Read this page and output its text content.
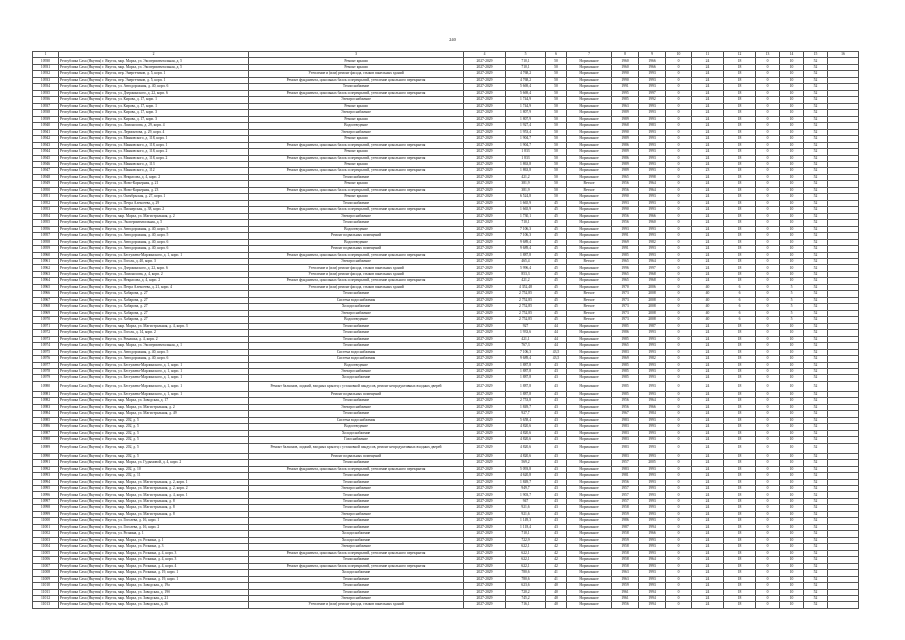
240
1	2	3	4	5	6	7	8	9	10	11	12	13	14	15	16
10930	Республика Саха (Якутия) г. Якутск, мкр. Марха, ул. Экспериментальная, д. 5	Ремонт крыши	2027-2029	710,1	50	Нормальное	1960	1966	0	24	18	0	10	52	
10931	Республика Саха (Якутия) г. Якутск, мкр. Марха, ул. Экспериментальная, д. 5	Ремонт крыши	2027-2029	710,1	50	Нормальное	1960	1966	0	24	18	0	10	52	
10932	Республика Саха (Якутия) г. Якутск, пер. Энергетиков, д. 5, корп. 1	Утепление и (или) ремонт фасада, стыков панельных зданий	2027-2029	4 768,2	50	Нормальное	1990	1993	0	24	18	0	10	52	
10933	Республика Саха (Якутия) г. Якутск, пер. Энергетиков, д. 5, корп. 1	Ремонт фундамента, цокольных балок и перекрытий, утепление цокольного перекрытия	2027-2029	4 768,2	50	Нормальное	1990	1993	0	24	18	0	10	52	
10934	Республика Саха (Якутия) г. Якутск, ул. Автодорожная, д. 40, корп. 6	Теплоснабжение	2027-2029	5 669,4	50	Нормальное	1991	1993	0	24	18	0	10	52	
10935	Республика Саха (Якутия) г. Якутск, ул. Дзержинского, д. 22, корп. 6	Ремонт фундамента, цокольных балок и перекрытий, утепление цокольного перекрытия	2027-2029	5 669,4	50	Нормальное	1995	1997	0	24	18	0	10	52	
10936	Республика Саха (Якутия) г. Якутск, ул. Кирова, д. 17, корп. 1	Электроснабжение	2027-2029	1 744,9	50	Нормальное	1985	1992	0	24	18	0	10	52	
10937	Республика Саха (Якутия) г. Якутск, ул. Кирова, д. 17, корп. 1	Ремонт крыши	2027-2029	1 744,9	50	Нормальное	1963	1993	0	24	18	0	10	52	
10938	Республика Саха (Якутия) г. Якутск, ул. Кирова, д. 17, корп. 3	Электроснабжение	2027-2029	1 807,9	50	Нормальное	1989	1993	0	24	18	0	10	52	
10939	Республика Саха (Якутия) г. Якутск, ул. Кирова, д. 17, корп. 3	Ремонт крыши	2027-2029	1 807,9	50	Нормальное	1989	1993	0	24	18	0	10	52	
10940	Республика Саха (Якутия) г. Якутск, ул. Ломоносова, д. 29, корп. 4	Водоотведение	2027-2029	1 927,4	50	Нормальное	1968	1983	0	24	18	0	10	52	
10941	Республика Саха (Якутия) г. Якутск, ул. Лермонтова, д. 29, корп. 4	Электроснабжение	2027-2029	1 953,4	50	Нормальное	1990	1993	0	24	18	0	10	52	
10942	Республика Саха (Якутия) г. Якутск, ул. Маяковского, д. 118, корп. 1	Ремонт крыши	2027-2029	1 904,7	50	Нормальное	1989	1993	0	24	18	0	10	52	
10943	Республика Саха (Якутия) г. Якутск, ул. Маяковского, д. 118, корп. 1	Ремонт фундамента, цокольных балок и перекрытий, утепление цокольного перекрытия	2027-2029	1 904,7	50	Нормальное	1986	1993	0	24	18	0	10	52	
10944	Республика Саха (Якутия) г. Якутск, ул. Маяковского, д. 118, корп. 2	Ремонт крыши	2027-2029	1 833	50	Нормальное	1989	1993	0	24	18	0	10	52	
10945	Республика Саха (Якутия) г. Якутск, ул. Маяковского, д. 118, корп. 2	Ремонт фундамента, цокольных балок и перекрытий, утепление цокольного перекрытия	2027-2029	1 833	50	Нормальное	1986	1993	0	24	18	0	10	52	
10946	Республика Саха (Якутия) г. Якутск, ул. Маяковского, д. 113	Ремонт крыши	2027-2029	1 863,8	50	Нормальное	1989	1993	0	24	18	0	10	52	
10947	Республика Саха (Якутия) г. Якутск, ул. Маяковского, д. 112	Ремонт фундамента, цокольных балок и перекрытий, утепление цокольного перекрытия	2027-2029	1 863,8	50	Нормальное	1989	1993	0	23	18	0	10	52	
10948	Республика Саха (Якутия) г. Якутск, ул. Некрасова, д. 4, корп. 2	Теплоснабжение	2027-2029	421,2	50	Нормальное	1965	1998	0	24	18	0	10	52	
10949	Республика Саха (Якутия) г. Якутск, ул. Ново-Карьерная, д. 21	Ремонт крыши	2027-2029	381,9	50	Ветхое	1956	1964	0	24	18	0	10	52	
10950	Республика Саха (Якутия) г. Якутск, ул. Ново-Карьерная, д. 23	Ремонт фундамента, цокольных балок и перекрытий, утепление цокольного перекрытия	2027-2029	381,9	50	Ветхое	1956	1964	0	24	18	0	10	52	
10951	Республика Саха (Якутия) г. Якутск, ул. Октябрьская, д. 27, корп. 1	Ремонт крыши	2027-2029	6 524,8	50	Нормальное	1990	1993	0	24	18	0	10	52	
10952	Республика Саха (Якутия) г. Якутск, ул. Петра Алексеева, д. 29	Теплоснабжение	2027-2029	1 665,9	45	Нормальное	1993	1993	0	24	18	0	10	52	
10953	Республика Саха (Якутия) г. Якутск, ул. Пионерская, д. 38, корп. 2	Ремонт фундамента, цокольных балок и перекрытий, утепление цокольного перекрытия	2027-2029	1 665,9	45	Нормальное	1990	1993	0	24	18	0	10	52	
10954	Республика Саха (Якутия) г. Якутск, мкр. Марха, ул. Магистральная, д. 2	Электроснабжение	2027-2029	1 730,1	45	Нормальное	1956	1966	0	24	18	0	10	52	
10955	Республика Саха (Якутия) г. Якутск, ул. Экспериментальная, д. 5	Теплоснабжение	2027-2029	710,1	45	Нормальное	1956	1960	0	24	18	0	10	52	
10956	Республика Саха (Якутия) г. Якутск, ул. Автодорожная, д. 40, корп. 5	Водоотведение	2027-2029	7 106,3	45	Нормальное	1993	1993	0	24	18	0	10	52	
10957	Республика Саха (Якутия) г. Якутск, ул. Автодорожная, д. 40, корп. 5	Ремонт подвальных помещений	2027-2029	7 106,3	45	Нормальное	1991	1993	0	24	18	0	10	52	
10958	Республика Саха (Якутия) г. Якутск, ул. Автодорожная, д. 40, корп. 6	Водоотведение	2027-2029	9 689,4	45	Нормальное	1969	1982	0	24	18	0	10	52	
10959	Республика Саха (Якутия) г. Якутск, ул. Автодорожная, д. 40, корп. 6	Ремонт подвальных помещений	2027-2029	9 689,4	45	Нормальное	1991	1993	0	24	18	0	10	52	
10960	Республика Саха (Якутия) г. Якутск, ул. Бестужева-Марлинского, д. 1, корп. 1	Ремонт фундамента, цокольных балок и перекрытий, утепление цокольного перекрытия	2027-2029	1 887,8	45	Нормальное	1985	1993	0	24	18	0	10	52	
10961	Республика Саха (Якутия) г. Якутск, ул. Гоголя, д. 40, корп. 3	Электроснабжение	2027-2029	465,4	45	Ветхое	1965	1964	0	24	18	0	10	52	
10962	Республика Саха (Якутия) г. Якутск, ул. Дзержинского, д. 22, корп. 6	Утепление и (или) ремонт фасада, стыков панельных зданий	2027-2029	5 996,4	45	Нормальное	1996	1997	0	24	18	0	10	52	
10963	Республика Саха (Якутия) г. Якутск, ул. Ломоносова, д. 4, корп. 2	Утепление и (или) ремонт фасада, стыков панельных зданий	2027-2029	853,3	45	Нормальное	1965	1968	0	24	18	0	10	52	
10964	Республика Саха (Якутия) г. Якутск, ул. Некрасова, д. 4, корп. 2	Ремонт фундамента, цокольных балок и перекрытий, утепление цокольного перекрытия	2027-2029	421,2	45	Нормальное	1965	1968	0	24	18	0	10	52	
10965	Республика Саха (Якутия) г. Якутск, ул. Петра Алексеева, д. 21, корп. 4	Утепление и (или) ремонт фасада, стыков панельных зданий	2027-2029	4 352,48	45	Нормальное	1970	2006	0	40	6	0	5	52	
10966	Республика Саха (Якутия) г. Якутск, ул. Хабарова, д. 27	Теплоснабжение	2027-2029	2 752,85	45	Ветхое	1973	2008	0	40	6	0	5	52	
10967	Республика Саха (Якутия) г. Якутск, ул. Хабарова, д. 27	Система водоснабжения	2027-2029	2 752,85	45	Ветхое	1973	2008	0	40	6	0	5	52	
10968	Республика Саха (Якутия) г. Якутск, ул. Хабарова, д. 27	Холодоснабжение	2027-2029	2 752,85	45	Ветхое	1973	2008	0	40	6	0	5	52	
10969	Республика Саха (Якутия) г. Якутск, ул. Хабарова, д. 27	Электроснабжение	2027-2029	2 752,85	45	Ветхое	1973	2008	0	40	6	0	5	52	
10970	Республика Саха (Якутия) г. Якутск, ул. Хабарова, д. 27	Водоотведение	2027-2029	2 752,85	45	Ветхое	1973	2008	0	40	6	0	5	52	
10971	Республика Саха (Якутия) г. Якутск, мкр. Марха, ул. Магистральная, д. 4, корп. 3	Теплоснабжение	2027-2029	927	44	Нормальное	1985	1987	0	24	18	0	10	52	
10972	Республика Саха (Якутия) г. Якутск, ул. Гоголя, д. 14, корп. 2	Теплоснабжение	2027-2029	1 933,6	44	Нормальное	1986	1993	0	24	18	0	10	52	
10973	Республика Саха (Якутия) г. Якутск, ул. Ромашка, д. 4, корп. 2	Теплоснабжение	2027-2029	421,1	44	Нормальное	1985	1993	0	24	18	0	10	52	
10974	Республика Саха (Якутия) г. Якутск, мкр. Марха, ул. Экспериментальная, д. 1	Теплоснабжение	2027-2029	767,3	44	Нормальное	1965	1993	0	24	18	0	10	52	
10975	Республика Саха (Якутия) г. Якутск, ул. Автодорожная, д. 40, корп. 5	Система водоснабжения	2027-2029	7 106,3	43,5	Нормальное	1983	1993	0	24	18	0	10	52	
10976	Республика Саха (Якутия) г. Якутск, ул. Автодорожная, д. 40, корп. 6	Система водоснабжения	2027-2029	9 689,4	43,5	Нормальное	1969	1982	0	24	18	0	10	52	
10977	Республика Саха (Якутия) г. Якутск, ул. Бестужева-Марлинского, д. 1, корп. 1	Водоотведение	2027-2029	1 887,8	43	Нормальное	1985	1993	0	24	18	0	10	52	
10978	Республика Саха (Якутия) г. Якутск, ул. Бестужева-Марлинского, д. 1, корп. 1	Электроснабжение	2027-2029	1 887,8	43	Нормальное	1985	1993	0	24	18	0	10	52	
10979	Республика Саха (Якутия) г. Якутск, ул. Бестужева-Марлинского, д. 1, корп. 1	Холодоснабжение	2027-2029	1 887,8	43	Нормальное	1985	1993	0	24	18	0	10	52	
10980	Республика Саха (Якутия) г. Якутск, ул. Бестужева-Марлинского, д. 1, корп. 1	Ремонт балконов, лоджий, входных крылец с установкой пандусов, ремонт непродуктивных входных дверей	2027-2029	1 887,8	43	Нормальное	1985	1993	0	24	18	0	10	52	
10981	Республика Саха (Якутия) г. Якутск, ул. Бестужева-Марлинского, д. 1, корп. 1	Ремонт подвальных помещений	2027-2029	1 887,8	43	Нормальное	1985	1993	0	24	18	0	10	52	
10982	Республика Саха (Якутия) г. Якутск, мкр. Марха, ул. Заводская, д. 17	Теплоснабжение	2027-2029	2 753,8	43	Нормальное	1956	1964	0	24	18	0	10	52	
10983	Республика Саха (Якутия) г. Якутск, мкр. Марха, ул. Магистральная, д. 2	Электроснабжение	2027-2029	1 849,7	43	Нормальное	1956	1966	0	24	18	0	10	52	
10984	Республика Саха (Якутия) г. Якутск, мкр. Марха, ул. Магистральная, д. 49	Теплоснабжение	2027-2029	927,7	43	Нормальное	1967	1984	0	24	18	0	10	52	
10985	Республика Саха (Якутия) г. Якутск, мкр. 202, д. 5	Система водоснабжения	2027-2029	5 658,4	43	Нормальное	1983	1993	0	24	18	0	10	52	
10986	Республика Саха (Якутия) г. Якутск, мкр. 202, д. 5	Водоотведение	2027-2029	4 820,6	43	Нормальное	1983	1993	0	24	18	0	10	52	
10987	Республика Саха (Якутия) г. Якутск, мкр. 202, д. 5	Холодоснабжение	2027-2029	4 820,6	43	Нормальное	1983	1993	0	24	18	0	10	52	
10988	Республика Саха (Якутия) г. Якутск, мкр. 202, д. 5	Газоснабжение	2027-2029	4 820,6	43	Нормальное	1983	1993	0	24	18	0	10	52	
10989	Республика Саха (Якутия) г. Якутск, мкр. 202, д. 5	Ремонт балконов, лоджий, входных крылец с установкой пандусов, ремонт непродуктивных входных дверей	2027-2029	4 820,6	43	Нормальное	1983	1993	0	24	18	0	10	52	
10990	Республика Саха (Якутия) г. Якутск, мкр. 202, д. 5	Ремонт подвальных помещений	2027-2029	4 820,6	43	Нормальное	1983	1993	0	24	18	0	10	52	
10991	Республика Саха (Якутия) г. Якутск, мкр. Марха, ул. Гудымовой, д. 4, корп. 2	Теплоснабжение	2027-2029	569,2	43	Нормальное	1957	2005	0	24	18	0	10	52	
10992	Республика Саха (Якутия) г. Якутск, мкр. 202, д. 10	Ремонт фундамента, цокольных балок и перекрытий, утепление цокольного перекрытия	2027-2029	5 093,8	43	Нормальное	1983	1993	0	24	18	0	10	52	
10993	Республика Саха (Якутия) г. Якутск, мкр. 202, д. 11	Теплоснабжение	2027-2029	4 620,8	43	Нормальное	1981	1993	0	24	18	0	10	52	
10994	Республика Саха (Якутия) г. Якутск, мкр. Марха, ул. Магистральная, д. 2, корп. 1	Теплоснабжение	2027-2029	1 849,7	43	Нормальное	1956	1993	0	24	18	0	10	52	
10995	Республика Саха (Якутия) г. Якутск, мкр. Марха, ул. Магистральная, д. 2, корп. 2	Электроснабжение	2027-2029	949,7	43	Нормальное	1957	1993	0	24	18	0	10	52	
10996	Республика Саха (Якутия) г. Якутск, мкр. Марха, ул. Магистральная, д. 4, корп. 1	Теплоснабжение	2027-2029	1 903,7	43	Нормальное	1957	1993	0	24	18	0	10	52	
10997	Республика Саха (Якутия) г. Якутск, мкр. Марха, ул. Магистральная, д. 8	Теплоснабжение	2027-2029	947	43	Нормальное	1957	1993	0	24	18	0	10	52	
10998	Республика Саха (Якутия) г. Якутск, мкр. Марха, ул. Магистральная, д. 8	Теплоснабжение	2027-2029	921,6	43	Нормальное	1958	1993	0	24	18	0	10	52	
10999	Республика Саха (Якутия) г. Якутск, мкр. Марха, ул. Магистральная, д. 8	Электроснабжение	2027-2029	921,6	43	Нормальное	1959	1993	0	24	18	0	10	52	
11000	Республика Саха (Якутия) г. Якутск, ул. Гоголева, д. 16, корп. 1	Теплоснабжение	2027-2029	1 149,3	43	Нормальное	1986	1993	0	24	18	0	10	52	
11001	Республика Саха (Якутия) г. Якутск, ул. Гоголева, д. 16, корп. 2	Теплоснабжение	2027-2029	1 118,4	43	Нормальное	1987	1994	0	24	18	0	10	52	
11002	Республика Саха (Якутия) г. Якутск, ул. Рознина, д. 1	Холодоснабжение	2027-2029	710,1	43	Нормальное	1958	1966	0	24	18	0	10	52	
11003	Республика Саха (Якутия) г. Якутск, мкр. Марха, ул. Рознина, д. 1	Холодоснабжение	2027-2029	722,9	42	Нормальное	1959	1993	0	24	18	0	10	52	
11004	Республика Саха (Якутия) г. Якутск, мкр. Марха, ул. Рознина, д. 3	Электроснабжение	2027-2029	622,1	42	Нормальное	1958	1993	0	24	18	0	10	52	
11005	Республика Саха (Якутия) г. Якутск, мкр. Марха, ул. Рознина, д. 4, корп. 3	Ремонт фундамента, цокольных балок и перекрытий, утепление цокольного перекрытия	2027-2029	622,1	42	Нормальное	1958	1993	0	24	18	0	10	52	
11006	Республика Саха (Якутия) г. Якутск, мкр. Марха, ул. Рознина, д. 4, корп. 3	Теплоснабжение	2027-2029	622,1	42	Нормальное	1958	1964	0	24	18	0	10	52	
11007	Республика Саха (Якутия) г. Якутск, мкр. Марха, ул. Рознина, д. 4, корп. 4	Ремонт фундамента, цокольных балок и перекрытий, утепление цокольного перекрытия	2027-2029	622,1	42	Нормальное	1958	1993	0	24	18	0	10	52	
11008	Республика Саха (Якутия) г. Якутск, мкр. Марха, ул. Рознина, д. 19, корп. 1	Холодоснабжение	2027-2029	780,6	41	Нормальное	1963	1993	0	24	18	0	10	52	
11009	Республика Саха (Якутия) г. Якутск, мкр. Марха, ул. Рознина, д. 19, корп. 1	Теплоснабжение	2027-2029	780,6	41	Нормальное	1963	1993	0	24	18	0	10	52	
11010	Республика Саха (Якутия) г. Якутск, мкр. Марха, ул. Заводская, д. 19а	Теплоснабжение	2027-2029	623,6	40	Нормальное	1959	1993	0	24	18	0	10	52	
11011	Республика Саха (Якутия) г. Якутск, мкр. Марха, ул. Заводская, д. 19б	Теплоснабжение	2027-2029	720,2	40	Нормальное	1961	1994	0	24	18	0	10	52	
11012	Республика Саха (Якутия) г. Якутск, мкр. Марха, ул. Заводская, д. 21	Электроснабжение	2027-2029	745,2	40	Нормальное	1961	1994	0	24	18	0	10	52	
11013	Республика Саха (Якутия) г. Якутск, мкр. Марха, ул. Заводская, д. 26	Утепление и (или) ремонт фасада, стыков панельных зданий	2027-2029	716,1	40	Нормальное	1956	1994	0	24	18	0	10	52	
